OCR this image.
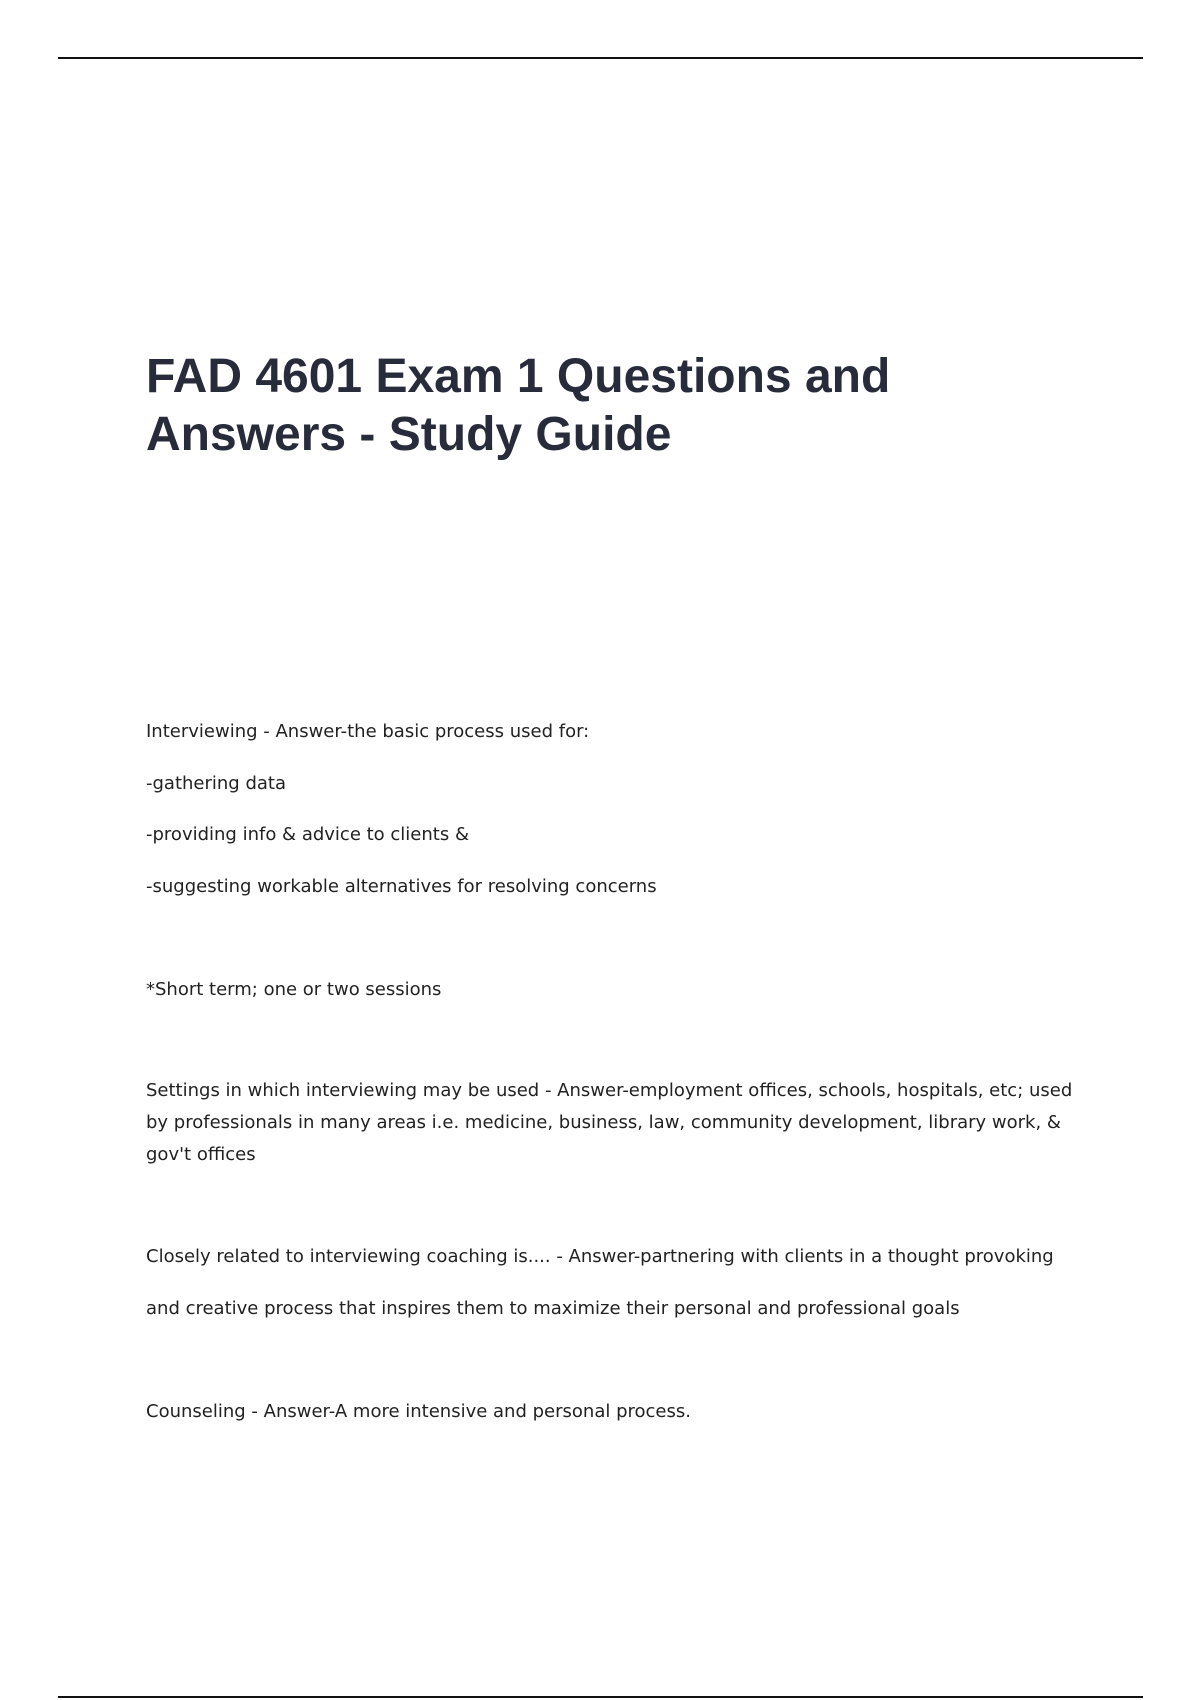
FAD 4601 Exam 1 Questions and Answers - Study Guide

Interviewing - Answer-the basic process used for:

-gathering data

-providing info & advice to clients &

-suggesting workable alternatives for resolving concerns

*Short term; one or two sessions

Settings in which interviewing may be used - Answer-employment offices, schools, hospitals, etc; used by professionals in many areas i.e. medicine, business, law, community development, library work, & gov't offices

Closely related to interviewing coaching is.... - Answer-partnering with clients in a thought provoking

and creative process that inspires them to maximize their personal and professional goals

Counseling - Answer-A more intensive and personal process.
